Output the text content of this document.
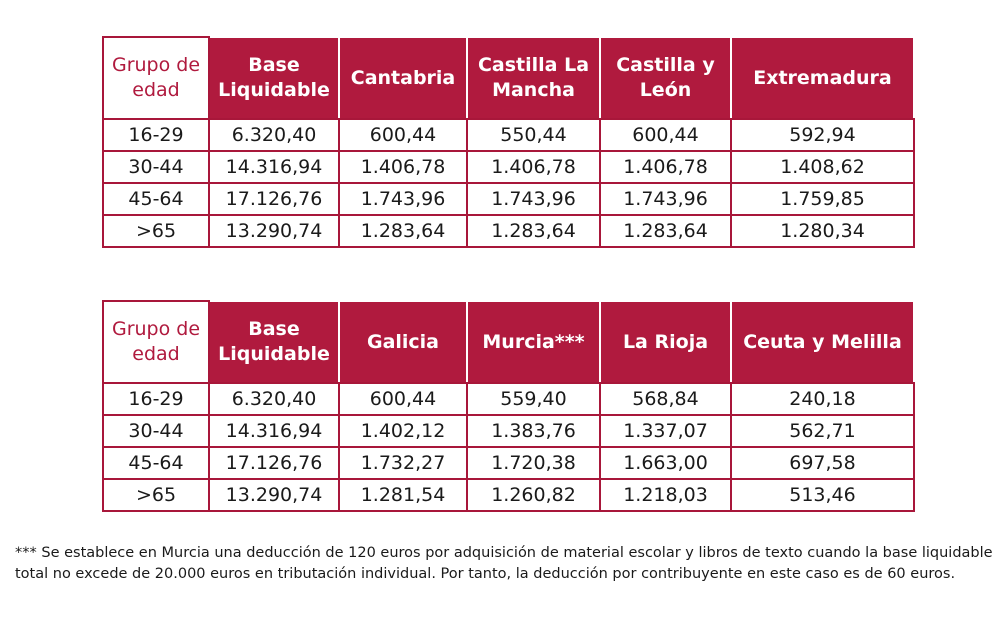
Grupo de edad	Base Liquidable	Cantabria	Castilla La Mancha	Castilla y León	Extremadura
16-29	6.320,40	600,44	550,44	600,44	592,94
30-44	14.316,94	1.406,78	1.406,78	1.406,78	1.408,62
45-64	17.126,76	1.743,96	1.743,96	1.743,96	1.759,85
>65	13.290,74	1.283,64	1.283,64	1.283,64	1.280,34
Grupo de edad	Base Liquidable	Galicia	Murcia***	La Rioja	Ceuta y Melilla
16-29	6.320,40	600,44	559,40	568,84	240,18
30-44	14.316,94	1.402,12	1.383,76	1.337,07	562,71
45-64	17.126,76	1.732,27	1.720,38	1.663,00	697,58
>65	13.290,74	1.281,54	1.260,82	1.218,03	513,46
*** Se establece en Murcia una deducción de 120 euros por adquisición de material escolar y libros de texto cuando la base liquidable total no excede de 20.000 euros en tributación individual. Por tanto, la deducción por contribuyente en este caso es de 60 euros.
